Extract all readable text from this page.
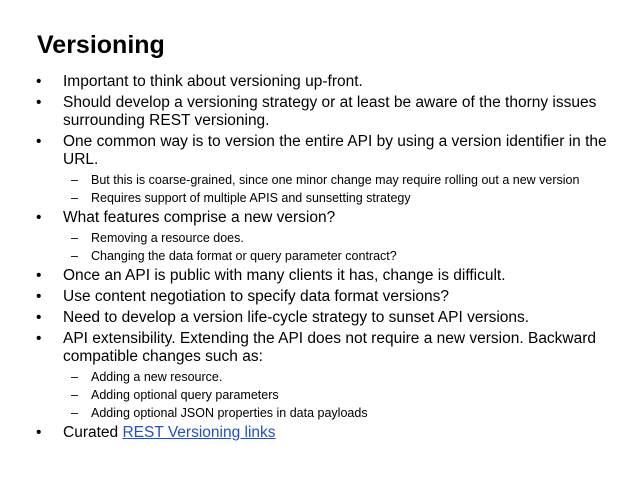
Versioning
• Important to think about versioning up-front.
• Should develop a versioning strategy or at least be aware of the thorny issues surrounding REST versioning.
• One common way is to version the entire API by using a version identifier in the URL.
– But this is coarse-grained, since one minor change may require rolling out a new version
– Requires support of multiple APIS and sunsetting strategy
• What features comprise a new version?
– Removing a resource does.
– Changing the data format or query parameter contract?
• Once an API is public with many clients it has, change is difficult.
• Use content negotiation to specify data format versions?
• Need to develop a version life-cycle strategy to sunset API versions.
• API extensibility. Extending the API does not require a new version. Backward compatible changes such as:
– Adding a new resource.
– Adding optional query parameters
– Adding optional JSON properties in data payloads
• Curated REST Versioning links
